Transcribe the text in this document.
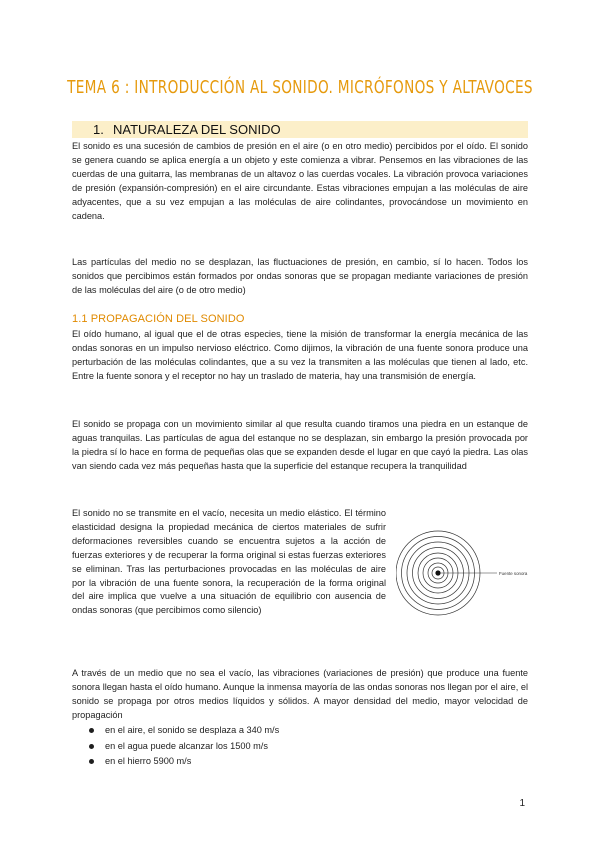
TEMA 6 : INTRODUCCIÓN AL SONIDO. MICRÓFONOS Y ALTAVOCES
1. NATURALEZA DEL SONIDO

El sonido es una sucesión de cambios de presión en el aire (o en otro medio) percibidos por el oído. El sonido se genera cuando se aplica energía a un objeto y este comienza a vibrar. Pensemos en las vibraciones de las cuerdas de una guitarra, las membranas de un altavoz o las cuerdas vocales. La vibración provoca variaciones de presión (expansión-compresión) en el aire circundante. Estas vibraciones empujan a las moléculas de aire adyacentes, que a su vez empujan a las moléculas de aire colindantes, provocándose un movimiento en cadena.

Las partículas del medio no se desplazan, las fluctuaciones de presión, en cambio, sí lo hacen. Todos los sonidos que percibimos están formados por ondas sonoras que se propagan mediante variaciones de presión de las moléculas del aire (o de otro medio)

1.1 PROPAGACIÓN DEL SONIDO

El oído humano, al igual que el de otras especies, tiene la misión de transformar la energía mecánica de las ondas sonoras en un impulso nervioso eléctrico. Como dijimos, la vibración de una fuente sonora produce una perturbación de las moléculas colindantes, que a su vez la transmiten a las moléculas que tienen al lado, etc. Entre la fuente sonora y el receptor no hay un traslado de materia, hay una transmisión de energía.

El sonido se propaga con un movimiento similar al que resulta cuando tiramos una piedra en un estanque de aguas tranquilas. Las partículas de agua del estanque no se desplazan, sin embargo la presión provocada por la piedra sí lo hace en forma de pequeñas olas que se expanden desde el lugar en que cayó la piedra. Las olas van siendo cada vez más pequeñas hasta que la superficie del estanque recupera la tranquilidad

El sonido no se transmite en el vacío, necesita un medio elástico. El término elasticidad designa la propiedad mecánica de ciertos materiales de sufrir deformaciones reversibles cuando se encuentra sujetos a la acción de fuerzas exteriores y de recuperar la forma original si estas fuerzas exteriores se eliminan. Tras las perturbaciones provocadas en las moléculas de aire por la vibración de una fuente sonora, la recuperación de la forma original del aire implica que vuelve a una situación de equilibrio con ausencia de ondas sonoras (que percibimos como silencio)

Fuente sonora

A través de un medio que no sea el vacío, las vibraciones (variaciones de presión) que produce una fuente sonora llegan hasta el oído humano. Aunque la inmensa mayoría de las ondas sonoras nos llegan por el aire, el sonido se propaga por otros medios líquidos y sólidos. A mayor densidad del medio, mayor velocidad de propagación

en el aire, el sonido se desplaza a 340 m/s
en el agua puede alcanzar los 1500 m/s
en el hierro 5900 m/s
1
